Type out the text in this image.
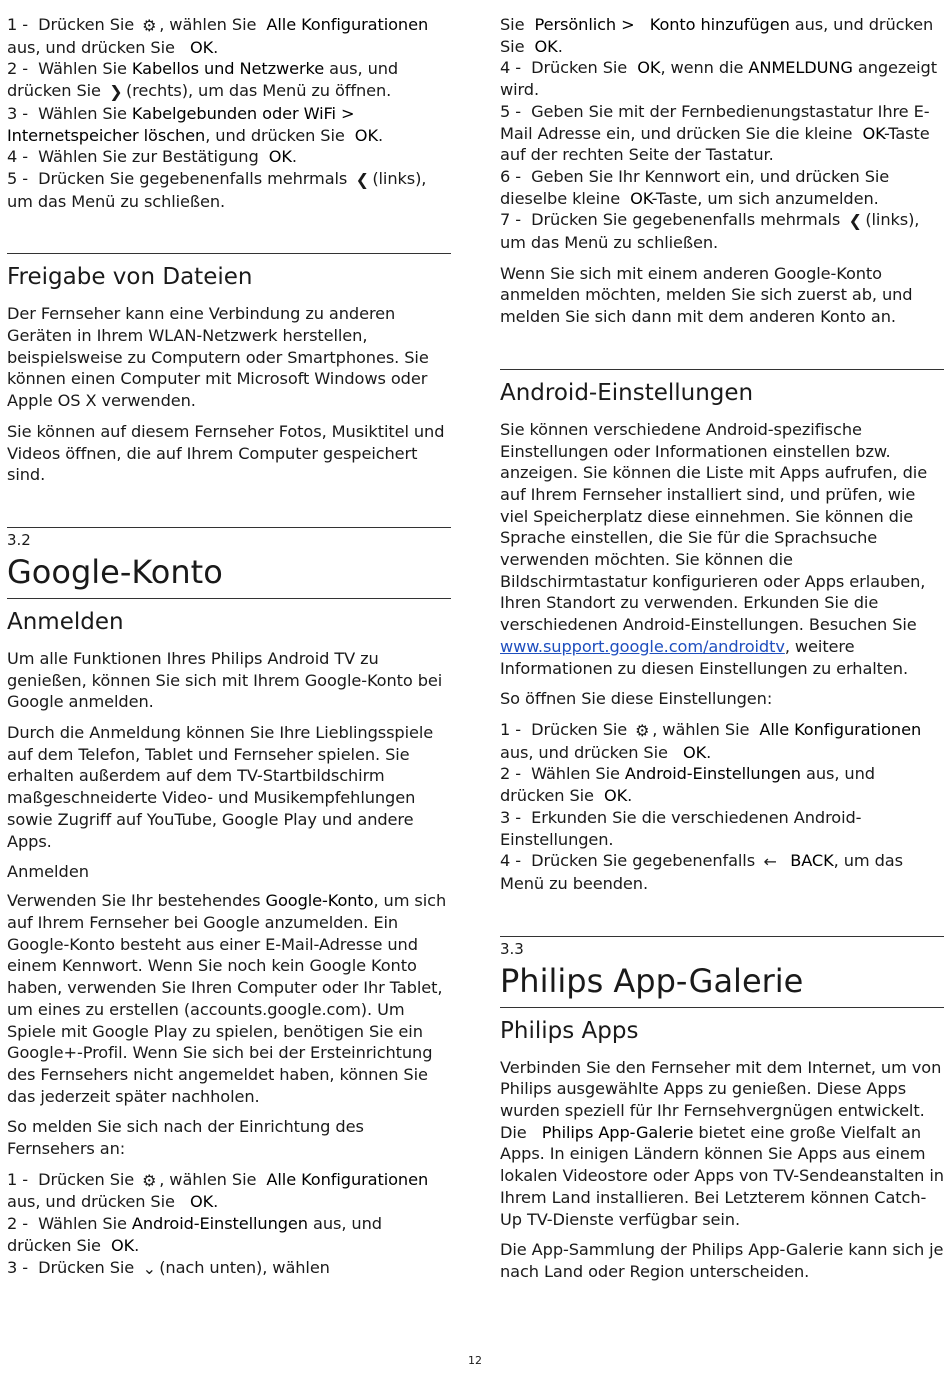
1 - Drücken Sie ⚙ , wählen Sie Alle Konfigurationen aus, und drücken Sie OK.
2 - Wählen Sie Kabellos und Netzwerke aus, und drücken Sie ❯ (rechts), um das Menü zu öffnen.
3 - Wählen Sie Kabelgebunden oder WiFi >   Internetspeicher löschen, und drücken Sie OK.
4 - Wählen Sie zur Bestätigung OK.
5 - Drücken Sie gegebenenfalls mehrmals ❮ (links), um das Menü zu schließen.

Freigabe von Dateien

Der Fernseher kann eine Verbindung zu anderen Geräten in Ihrem WLAN-Netzwerk herstellen, beispielsweise zu Computern oder Smartphones. Sie können einen Computer mit Microsoft Windows oder Apple OS X verwenden.

Sie können auf diesem Fernseher Fotos, Musiktitel und Videos öffnen, die auf Ihrem Computer gespeichert sind.

3.2
Google-Konto
Anmelden

Um alle Funktionen Ihres Philips Android TV zu genießen, können Sie sich mit Ihrem Google-Konto bei Google anmelden.

Durch die Anmeldung können Sie Ihre Lieblingsspiele auf dem Telefon, Tablet und Fernseher spielen. Sie erhalten außerdem auf dem TV-Startbildschirm maßgeschneiderte Video- und Musikempfehlungen sowie Zugriff auf YouTube, Google Play und andere Apps.

Anmelden

Verwenden Sie Ihr bestehendes Google-Konto, um sich auf Ihrem Fernseher bei Google anzumelden. Ein Google-Konto besteht aus einer E-Mail-Adresse und einem Kennwort. Wenn Sie noch kein Google Konto haben, verwenden Sie Ihren Computer oder Ihr Tablet, um eines zu erstellen (accounts.google.com). Um Spiele mit Google Play zu spielen, benötigen Sie ein Google+-Profil. Wenn Sie sich bei der Ersteinrichtung des Fernsehers nicht angemeldet haben, können Sie das jederzeit später nachholen.

So melden Sie sich nach der Einrichtung des Fernsehers an:

1 - Drücken Sie ⚙ , wählen Sie Alle Konfigurationen aus, und drücken Sie OK.
2 - Wählen Sie Android-Einstellungen aus, und drücken Sie OK.
3 - Drücken Sie ⌄ (nach unten), wählen

Sie Persönlich > Konto hinzufügen aus, und drücken Sie OK.
4 - Drücken Sie OK, wenn die ANMELDUNG angezeigt wird.
5 - Geben Sie mit der Fernbedienungstastatur Ihre E-Mail Adresse ein, und drücken Sie die kleine OK-Taste auf der rechten Seite der Tastatur.
6 - Geben Sie Ihr Kennwort ein, und drücken Sie dieselbe kleine OK-Taste, um sich anzumelden.
7 - Drücken Sie gegebenenfalls mehrmals ❮ (links), um das Menü zu schließen.

Wenn Sie sich mit einem anderen Google-Konto anmelden möchten, melden Sie sich zuerst ab, und melden Sie sich dann mit dem anderen Konto an.

Android-Einstellungen

Sie können verschiedene Android-spezifische Einstellungen oder Informationen einstellen bzw. anzeigen. Sie können die Liste mit Apps aufrufen, die auf Ihrem Fernseher installiert sind, und prüfen, wie viel Speicherplatz diese einnehmen. Sie können die Sprache einstellen, die Sie für die Sprachsuche verwenden möchten. Sie können die Bildschirmtastatur konfigurieren oder Apps erlauben, Ihren Standort zu verwenden. Erkunden Sie die verschiedenen Android-Einstellungen. Besuchen Sie  www.support.google.com/androidtv, weitere Informationen zu diesen Einstellungen zu erhalten.

So öffnen Sie diese Einstellungen:

1 - Drücken Sie ⚙ , wählen Sie Alle Konfigurationen aus, und drücken Sie OK.
2 - Wählen Sie Android-Einstellungen aus, und drücken Sie OK.
3 - Erkunden Sie die verschiedenen Android-Einstellungen.
4 - Drücken Sie gegebenenfalls ← BACK, um das Menü zu beenden.

3.3
Philips App-Galerie
Philips Apps

Verbinden Sie den Fernseher mit dem Internet, um von Philips ausgewählte Apps zu genießen. Diese Apps wurden speziell für Ihr Fernsehvergnügen entwickelt. Die Philips App-Galerie bietet eine große Vielfalt an Apps. In einigen Ländern können Sie Apps aus einem lokalen Videostore oder Apps von TV-Sendeanstalten in Ihrem Land installieren. Bei Letzterem können Catch-Up TV-Dienste verfügbar sein.

Die App-Sammlung der Philips App-Galerie kann sich je nach Land oder Region unterscheiden.

12
